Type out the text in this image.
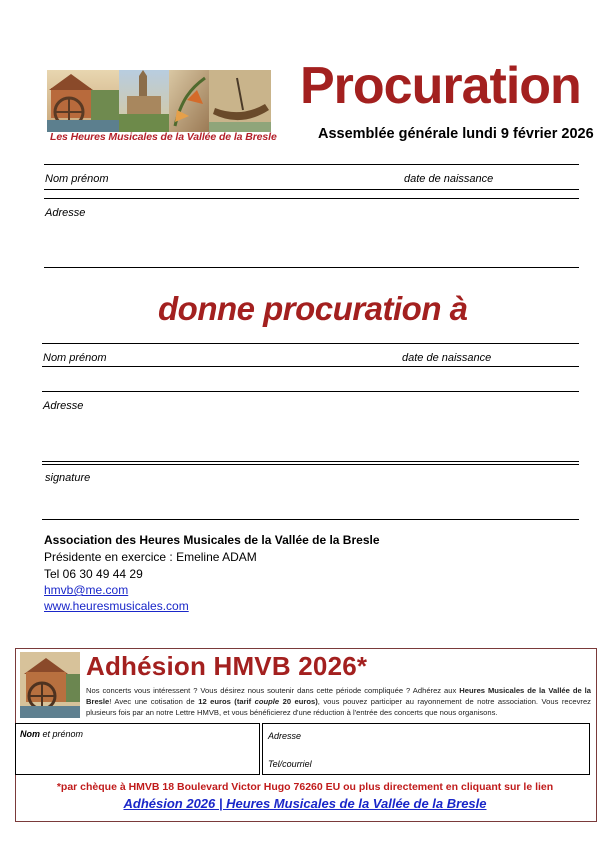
Les Heures Musicales de la Vallée de la Bresle
Procuration
Assemblée générale lundi 9 février 2026
Nom prénom	date de naissance
Adresse
donne procuration à
Nom prénom	date de naissance
Adresse
signature
Association des Heures Musicales de la Vallée de la Bresle
Présidente en exercice : Emeline ADAM
Tel 06 30 49 44 29
hmvb@me.com
www.heuresmusicales.com
Adhésion HMVB 2026*
Nos concerts vous intéressent ? Vous désirez nous soutenir dans cette période compliquée ? Adhérez aux Heures Musicales de la Vallée de la Bresle! Avec une cotisation de 12 euros (tarif couple 20 euros), vous pouvez participer au rayonnement de notre association. Vous recevrez plusieurs fois par an notre Lettre HMVB, et vous bénéficierez d'une réduction à l'entrée des concerts que nous organisons.
Nom et prénom	Adresse
Tel/courriel
*par chèque à HMVB 18 Boulevard Victor Hugo 76260 EU ou plus directement en cliquant sur le lien
Adhésion 2026 | Heures Musicales de la Vallée de la Bresle
